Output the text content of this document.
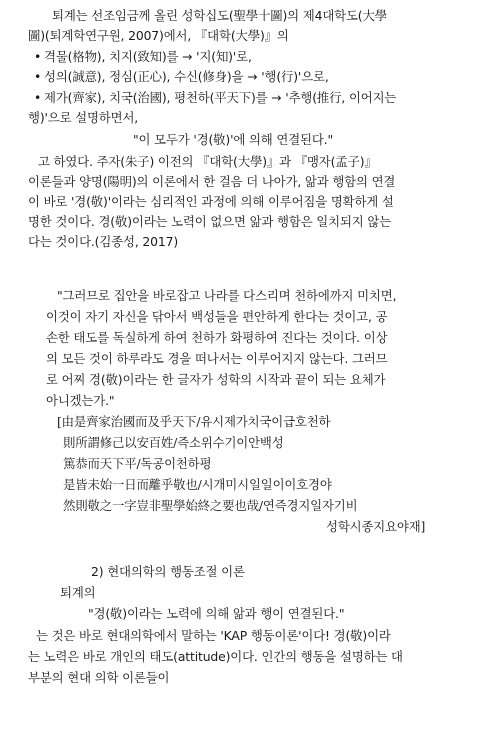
퇴계는 선조임금께 올린 성학십도(聖學十圖)의 제4대학도(大學
圖)(퇴계학연구원, 2007)에서, 『대학(大學)』의
• 격물(格物), 치지(致知)를 → '지(知)'로,
• 성의(誠意), 정심(正心), 수신(修身)을 → '행(行)'으로,
• 제가(齊家), 치국(治國), 평천하(平天下)를 → '추행(推行, 이어지는
행)'으로 설명하면서,
"이 모두가 '경(敬)'에 의해 연결된다."
고 하였다. 주자(朱子) 이전의 『대학(大學)』과 『맹자(孟子)』
이론들과 양명(陽明)의 이론에서 한 걸음 더 나아가, 앎과 행함의 연결
이 바로 '경(敬)'이라는 심리적인 과정에 의해 이루어짐을 명확하게 설
명한 것이다. 경(敬)이라는 노력이 없으면 앎과 행함은 일치되지 않는
다는 것이다.(김종성, 2017)
"그러므로 집안을 바로잡고 나라를 다스리며 천하에까지 미치면,
이것이 자기 자신을 닦아서 백성들을 편안하게 한다는 것이고, 공
손한 태도를 독실하게 하여 천하가 화평하여 진다는 것이다. 이상
의 모든 것이 하루라도 경을 떠나서는 이루어지지 않는다. 그러므
로 어찌 경(敬)이라는 한 글자가 성학의 시작과 끝이 되는 요체가
아니겠는가."
[由是齊家治國而及乎天下/유시제가치국이급호천하
則所謂修己以安百姓/즉소위수기이안백성
篤恭而天下平/독공이천하평
是皆未始一日而離乎敬也/시개미시일일이이호경야
然則敬之一字豈非聖學始終之要也哉/연즉경지일자기비
성학시종지요야재]
2) 현대의학의 행동조절 이론
퇴계의
"경(敬)이라는 노력에 의해 앎과 행이 연결된다."
는 것은 바로 현대의학에서 말하는 'KAP 행동이론'이다! 경(敬)이라
는 노력은 바로 개인의 태도(attitude)이다. 인간의 행동을 설명하는 대
부분의 현대 의학 이론들이
